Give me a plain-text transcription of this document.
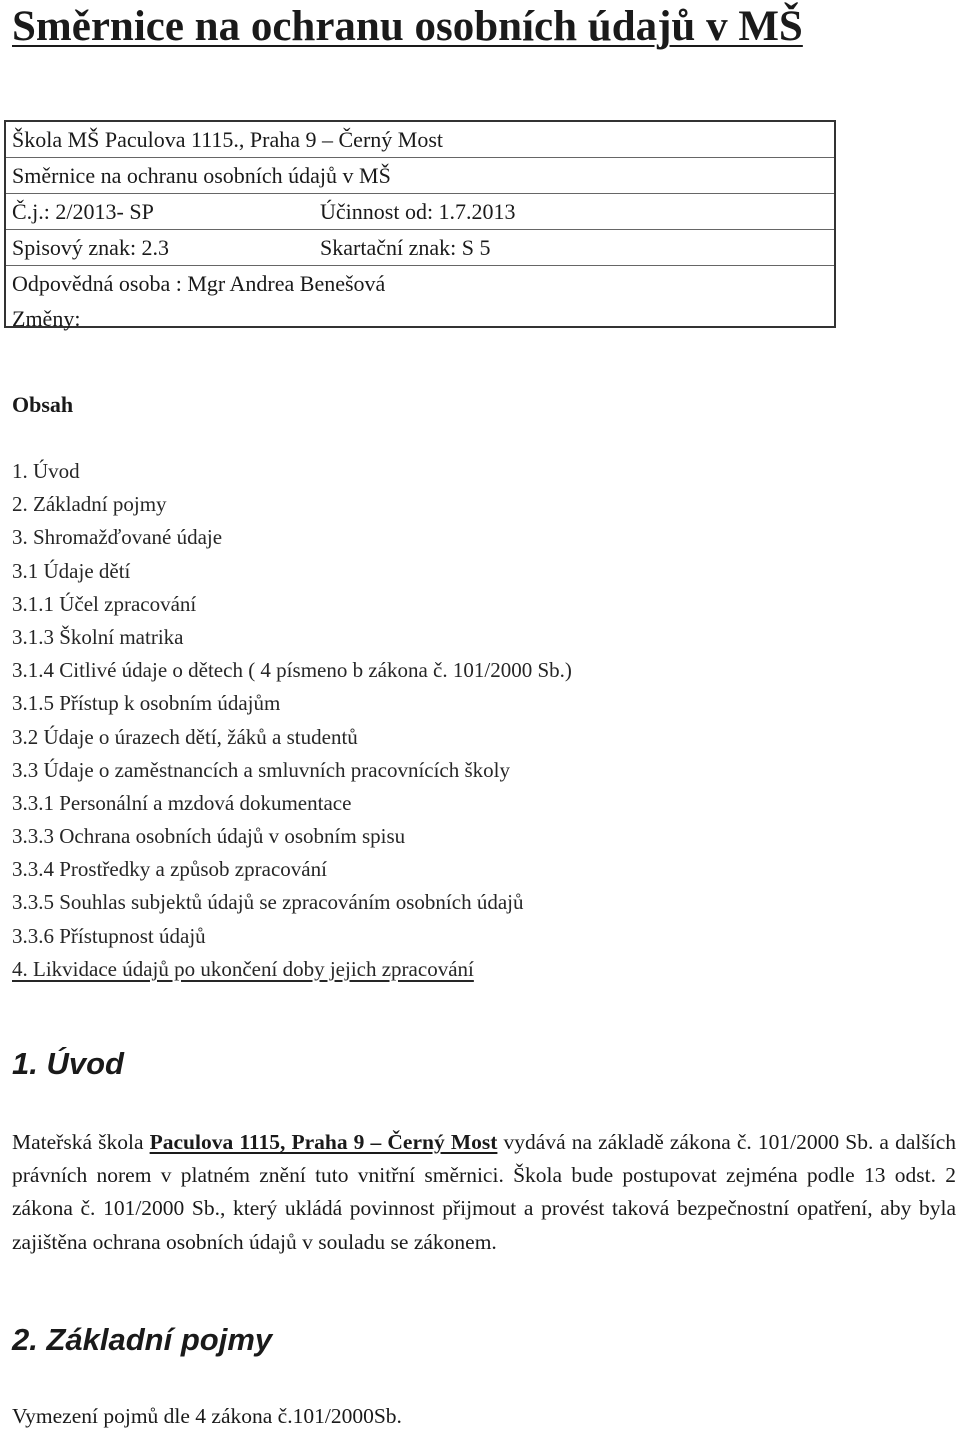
Směrnice na ochranu osobních údajů v MŠ
Škola MŠ Paculova 1115., Praha 9 – Černý Most
Směrnice na ochranu osobních údajů v MŠ
Č.j.: 2/2013- SP	Účinnost od: 1.7.2013
Spisový znak: 2.3	Skartační znak: S 5
Odpovědná osoba : Mgr Andrea Benešová
Změny:
Obsah
1. Úvod
2. Základní pojmy
3. Shromažďované údaje
3.1 Údaje dětí
3.1.1 Účel zpracování
3.1.3 Školní matrika
3.1.4 Citlivé údaje o dětech ( 4 písmeno b zákona č. 101/2000 Sb.)
3.1.5 Přístup k osobním údajům
3.2 Údaje o úrazech dětí, žáků a studentů
3.3 Údaje o zaměstnancích a smluvních pracovnících školy
3.3.1 Personální a mzdová dokumentace
3.3.3 Ochrana osobních údajů v osobním spisu
3.3.4 Prostředky a způsob zpracování
3.3.5 Souhlas subjektů údajů se zpracováním osobních údajů
3.3.6 Přístupnost údajů
4. Likvidace údajů po ukončení doby jejich zpracování
1. Úvod

Mateřská škola Paculova 1115, Praha 9 – Černý Most vydává na základě zákona č. 101/2000 Sb. a dalších právních norem v platném znění tuto vnitřní směrnici. Škola bude postupovat zejména podle 13 odst. 2 zákona č. 101/2000 Sb., který ukládá povinnost přijmout a provést taková bezpečnostní opatření, aby byla zajištěna ochrana osobních údajů v souladu se zákonem.

2. Základní pojmy

Vymezení pojmů dle 4 zákona č.101/2000Sb.
